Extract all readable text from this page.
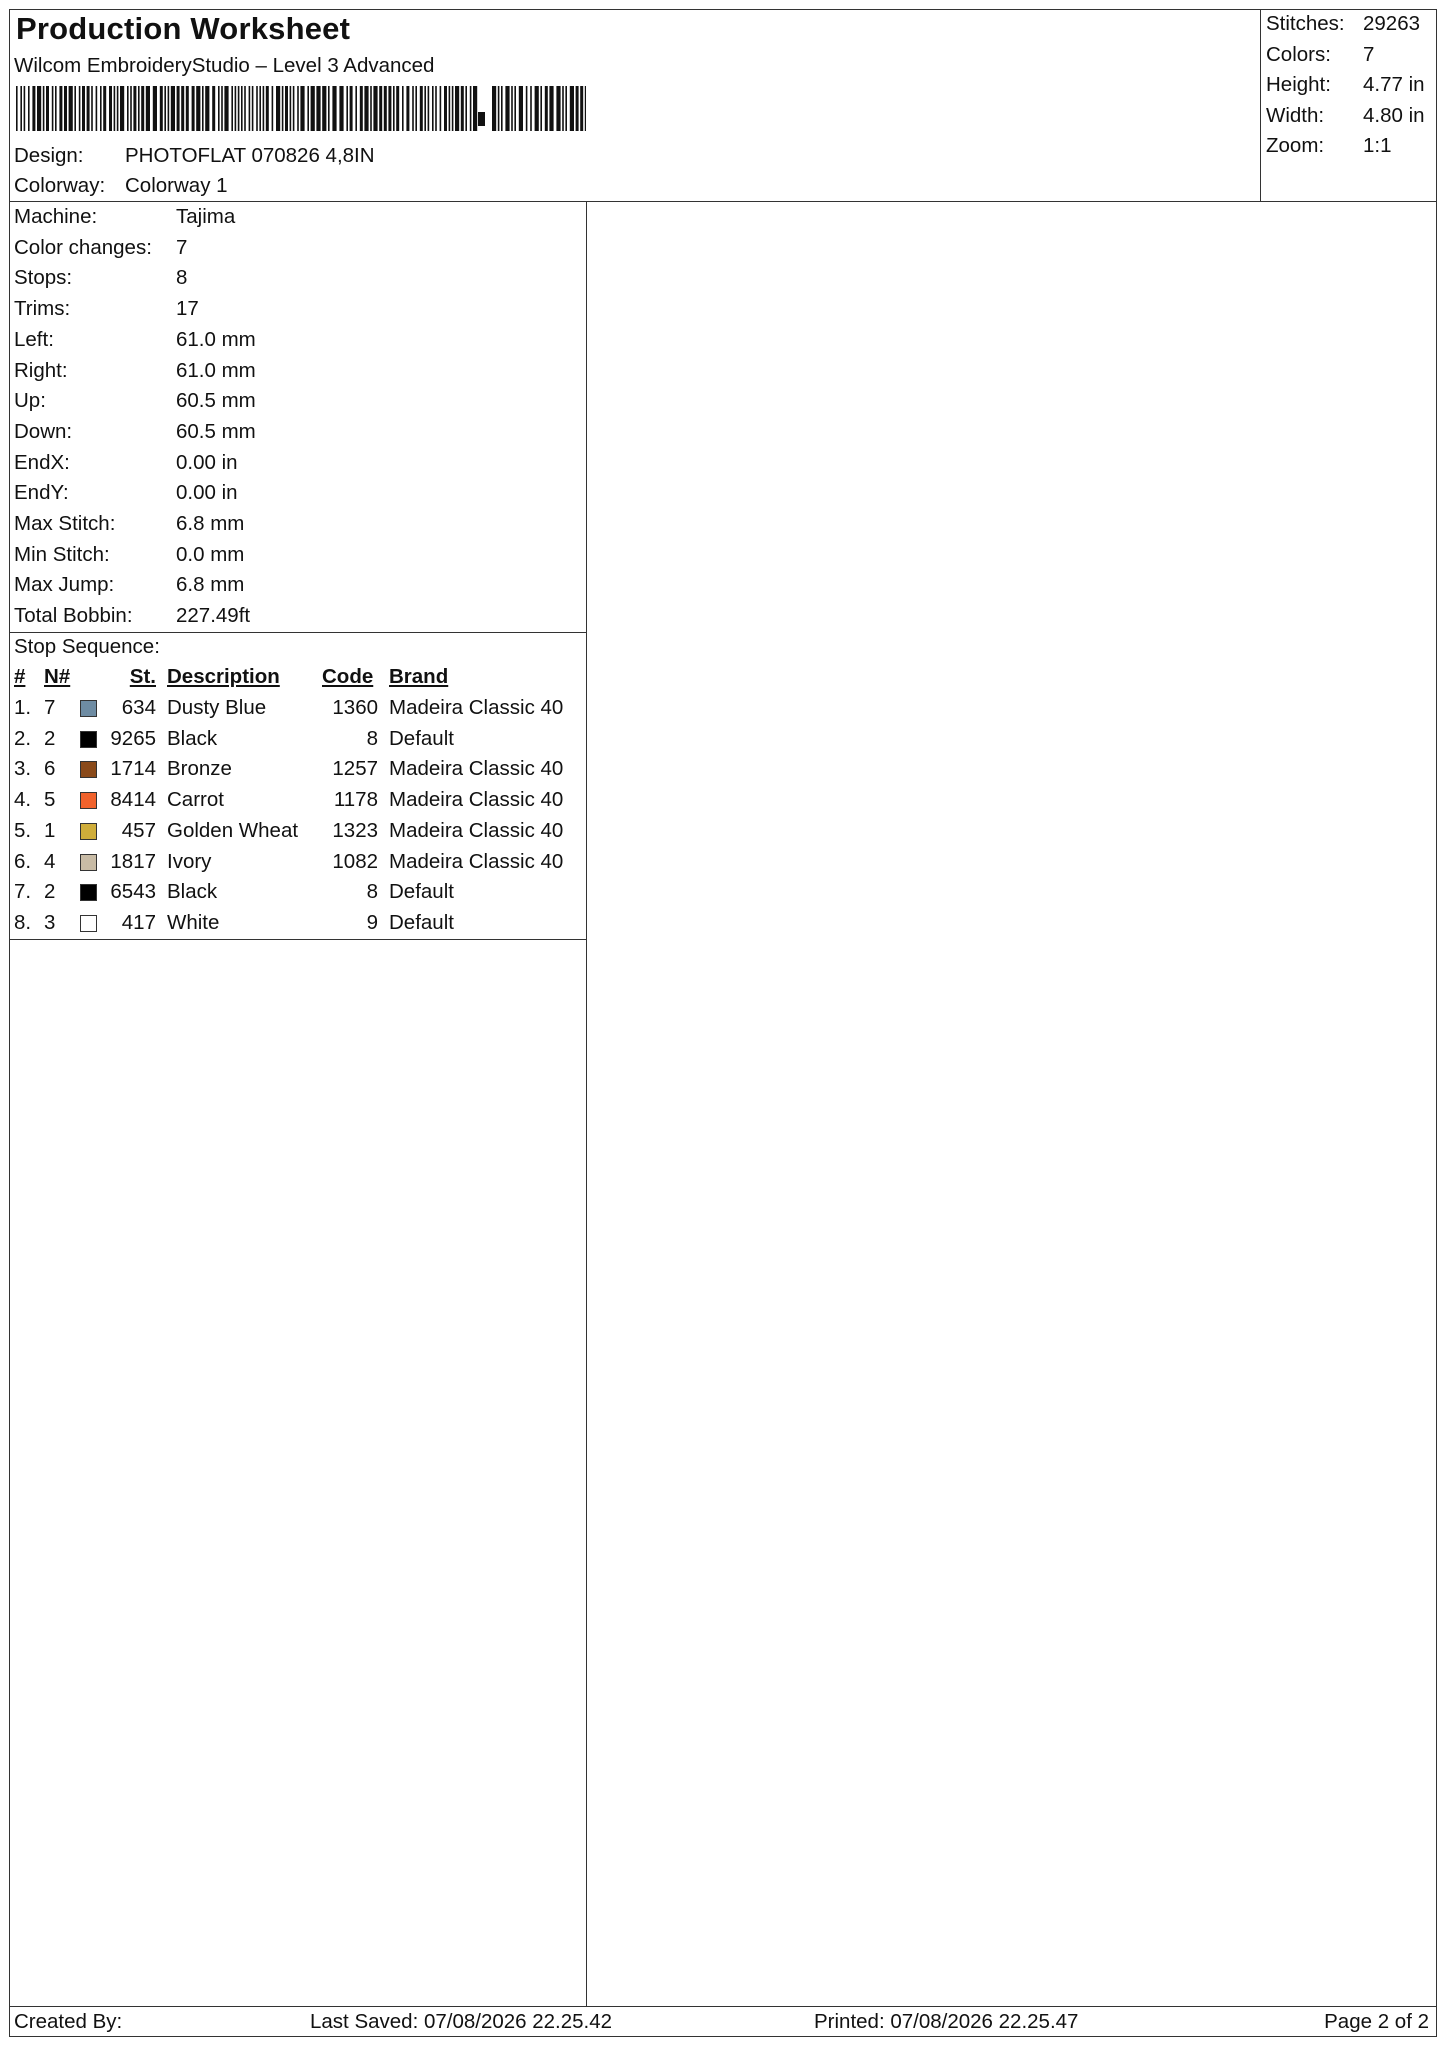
Production Worksheet
Wilcom EmbroideryStudio – Level 3 Advanced
Design: PHOTOFLAT 070826 4,8IN
Colorway: Colorway 1
Stitches: 29263
Colors: 7
Height: 4.77 in
Width: 4.80 in
Zoom: 1:1
Machine:	Tajima
Color changes: 7
Stops:	8
Trims:	17
Left:	61.0 mm
Right:	61.0 mm
Up:	60.5 mm
Down:	60.5 mm
EndX:	0.00 in
EndY:	0.00 in
Max Stitch:	6.8 mm
Min Stitch:	0.0 mm
Max Jump:	6.8 mm
Total Bobbin: 227.49ft
Stop Sequence:
# N#	St. Description Code Brand
1. 7	634 Dusty Blue	1360 Madeira Classic 40
2. 2	9265 Black	8 Default
3. 6	1714 Bronze	1257 Madeira Classic 40
4. 5	8414 Carrot	1178 Madeira Classic 40
5. 1	457 Golden Wheat	1323 Madeira Classic 40
6. 4	1817 Ivory	1082 Madeira Classic 40
7. 2	6543 Black	8 Default
8. 3	417 White	9 Default
Created By:	Last Saved: 07/08/2026 22.25.42	Printed: 07/08/2026 22.25.47	Page 2 of 2
